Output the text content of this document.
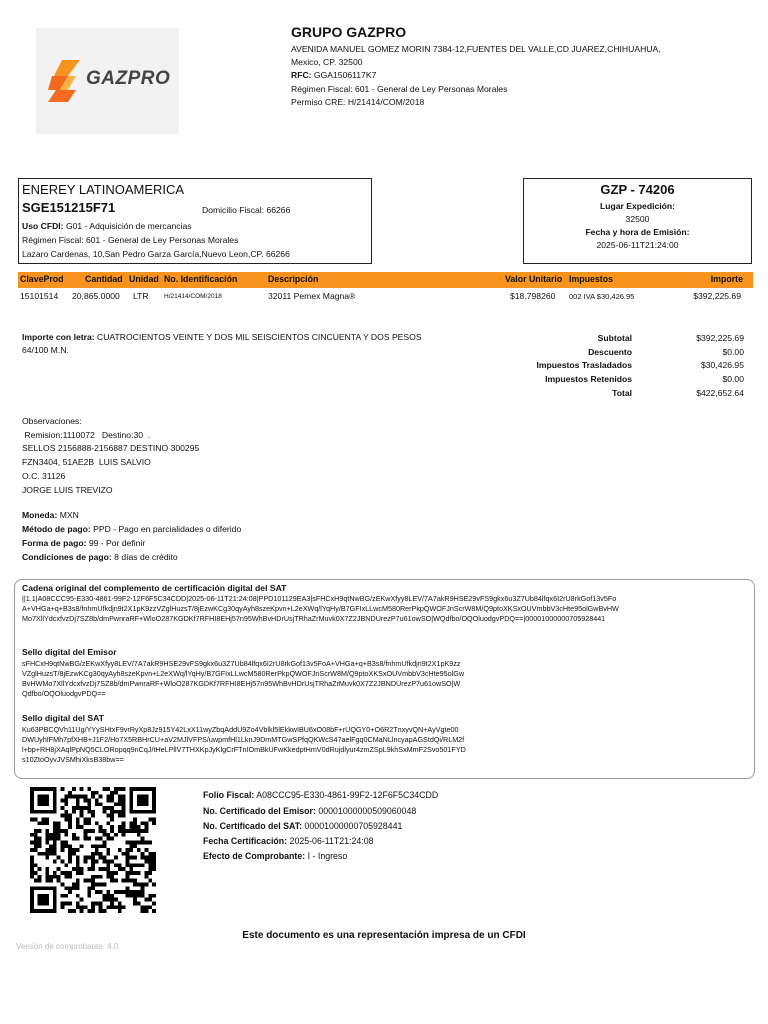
GAZPRO
GRUPO GAZPRO
AVENIDA MANUEL GOMEZ MORIN 7384-12,FUENTES DEL VALLE,CD JUAREZ,CHIHUAHUA,
Mexico, CP. 32500
RFC: GGA1506117K7
Régimen Fiscal: 601 - General de Ley Personas Morales
Permiso CRE: H/21414/COM/2018
ENEREY LATINOAMERICA
SGE151215F71	Domicilio Fiscal: 66266
Uso CFDI: G01 - Adquisición de mercancias
Régimen Fiscal: 601 - General de Ley Personas Morales
Lazaro Cardenas, 10,San Pedro Garza García,Nuevo Leon,CP. 66266
GZP - 74206
Lugar Expedición:
32500
Fecha y hora de Emisión:
2025-06-11T21:24:00
ClaveProd Cantidad Unidad No. Identificación	Descripción	Valor Unitario Impuestos	Importe
15101514 20,865.0000 LTR H/21414/COM/2018	32011 Pemex Magna®	$18.798260 002 IVA $30,426.95	$392,225.69
Importe con letra: CUATROCIENTOS VEINTE Y DOS MIL SEISCIENTOS CINCUENTA Y DOS PESOS
64/100 M.N.
Subtotal	$392,225.69
Descuento	$0.00
Impuestos Trasladados	$30,426.95
Impuestos Retenidos	$0.00
Total	$422,652.64
Observaciones:
Remision:1110072   Destino:30  .
SELLOS 2156888-2156887 DESTINO 300295
FZN3404, 51AE2B  LUIS SALVIO
O.C. 31126
JORGE LUIS TREVIZO
Moneda: MXN
Método de pago: PPD - Pago en parcialidades o diferido
Forma de pago: 99 - Por definir
Condiciones de pago: 8 días de crédito
Cadena original del complemento de certificación digital del SAT
||1.1|A08CCC95-E330-4861-99F2-12F6F5C34CDD|2025-06-11T21:24:08|PPD101129EA3|sFHCxH9qtNwBG/zEKwXfyy8LEV/7A7akR9HSE29vFS9gkx6u3Z7Ub84lfqx6I2rU8rkGof13v5Fo
A+VHGa+q+B3s8/fnhmUfkdjn9t2X1pK9zzVZglHuzsT/8jEzwKCg30qyAyh8szeKpvn+L2eXWq/lYqHy/B7GFIxLLwcM580RerPkpQWOFJnScrW8M/Q9ptoXKSxOUVmbbV3cHte95olGwBvHW
Mo7XllYdcxfvzDj7SZ8b/dmPwnraRF+WloO287KGDKf7RFHI8EHj57n95WhBvHDrUsjTRhaZrMuvk0X7Z2JBNDUrezP7u61owSO|WQdfbo/OQOluodgvPDQ==|00001000000705928441
Sello digital del Emisor
sFHCxH9qtNwBG/zEKwXfyy8LEV/7A7akR9HSE29vFS9gkx6u3Z7Ub84lfqx6I2rU8rkGof13v5FoA+VHGa+q+B3s8/fnhmUfkdjn9t2X1pK9zz
VZglHuzsT/8jEzwKCg30qyAyh8szeKpvn+L2eXWq/lYqHy/B7GFIxLLwcM580RerPkpQWOFJnScrW8M/Q9ptoXKSxOUVmbbV3cHte95olGw
BvHWMo7XllYdcxfvzDj7SZ8b/dmPwnraRF+WloO287KGDKf7RFHI8EHj57n95WhBvHDrUsjTRhaZrMuvk0X7Z2JBNDUrezP7u61owSO|W
Qdfbo/OQOluodgvPDQ==
Sello digital del SAT
Ku63PBCQVh11Ug/YYySHtxF9vrRyXp8Jz915Y42LxX11wyZbqAddU9Zo4Vblkl5lEkkwIBU6xO08bF+rUQGY0+O6R2TnxyvQN+AyVgte00
DWUyhIFMh7pfXHB+J1F2/Ho7X5RBHrCU+aV2MJlVFPS/uwpmfHl1LknJ9DmMTGwSPfqQKWcS47aelFgq0CMaNLlncyapAGStdQi/RLM2f
l+bp+RH8jXAqlPpNQ5CLORopqq9nCqJ/tHeLPllV7THXKpJyKlgCrFTnIOmBkUFwKkedptHmV0dRujdlyur4zmZSpL9khSxMmF2Svo501FYD
s10ZtoOyvJVSMhiXksB38bw==
Folio Fiscal: A08CCC95-E330-4861-99F2-12F6F5C34CDD
No. Certificado del Emisor: 00001000000509060048
No. Certificado del SAT: 00001000000705928441
Fecha Certificación: 2025-06-11T21:24:08
Efecto de Comprobante: I - Ingreso
Este documento es una representación impresa de un CFDI
Versión de comprobante: 4.0
